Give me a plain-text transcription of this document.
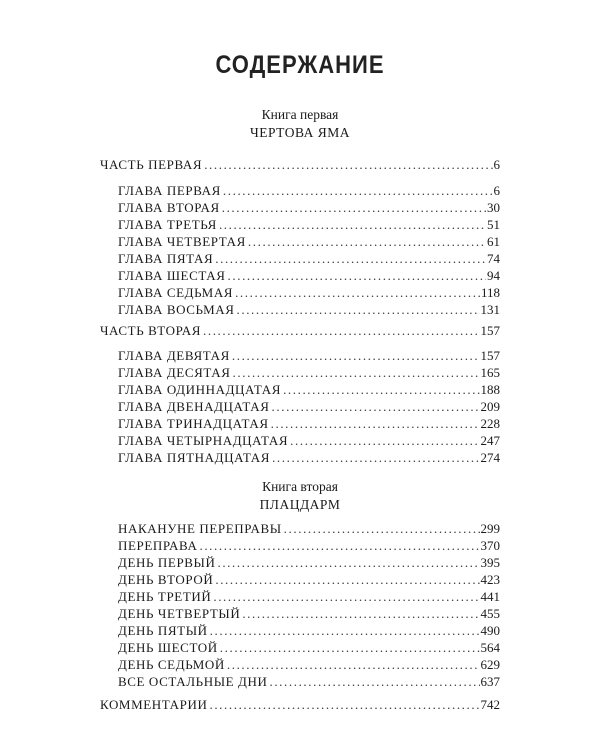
СОДЕРЖАНИЕ
Книга первая
ЧЕРТОВА ЯМА
ЧАСТЬ ПЕРВАЯ .....	6
ГЛАВА ПЕРВАЯ .....	6
ГЛАВА ВТОРАЯ .....	30
ГЛАВА ТРЕТЬЯ .....	51
ГЛАВА ЧЕТВЕРТАЯ .....	61
ГЛАВА ПЯТАЯ .....	74
ГЛАВА ШЕСТАЯ .....	94
ГЛАВА СЕДЬМАЯ .....	118
ГЛАВА ВОСЬМАЯ .....	131
ЧАСТЬ ВТОРАЯ .....	157
ГЛАВА ДЕВЯТАЯ .....	157
ГЛАВА ДЕСЯТАЯ .....	165
ГЛАВА ОДИННАДЦАТАЯ .....	188
ГЛАВА ДВЕНАДЦАТАЯ .....	209
ГЛАВА ТРИНАДЦАТАЯ .....	228
ГЛАВА ЧЕТЫРНАДЦАТАЯ .....	247
ГЛАВА ПЯТНАДЦАТАЯ .....	274
Книга вторая
ПЛАЦДАРМ
НАКАНУНЕ ПЕРЕПРАВЫ .....	299
ПЕРЕПРАВА .....	370
ДЕНЬ ПЕРВЫЙ .....	395
ДЕНЬ ВТОРОЙ .....	423
ДЕНЬ ТРЕТИЙ .....	441
ДЕНЬ ЧЕТВЕРТЫЙ .....	455
ДЕНЬ ПЯТЫЙ .....	490
ДЕНЬ ШЕСТОЙ .....	564
ДЕНЬ СЕДЬМОЙ .....	629
ВСЕ ОСТАЛЬНЫЕ ДНИ .....	637
КОММЕНТАРИИ .....	742
